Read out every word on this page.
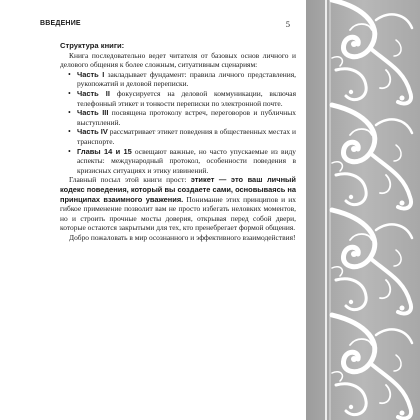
ВВЕДЕНИЕ	5

Структура книги:

Книга последовательно ведет читателя от базовых основ личного и делового общения к более сложным, ситуативным сценариям:

• Часть I закладывает фундамент: правила личного представления, рукопожатий и деловой переписки.
• Часть II фокусируется на деловой коммуникации, включая телефонный этикет и тонкости переписки по электронной почте.
• Часть III посвящена протоколу встреч, переговоров и публичных выступлений.
• Часть IV рассматривает этикет поведения в общественных местах и транспорте.
• Главы 14 и 15 освещают важные, но часто упускаемые из виду аспекты: международный протокол, особенности поведения в кризисных ситуациях и этику извинений.

Главный посыл этой книги прост: этикет — это ваш личный кодекс поведения, который вы создаете сами, основываясь на принципах взаимного уважения. Понимание этих принципов и их гибкое применение позволит вам не просто избегать неловких моментов, но и строить прочные мосты доверия, открывая перед собой двери, которые остаются закрытыми для тех, кто пренебрегает формой общения.

Добро пожаловать в мир осознанного и эффективного взаимодействия!
